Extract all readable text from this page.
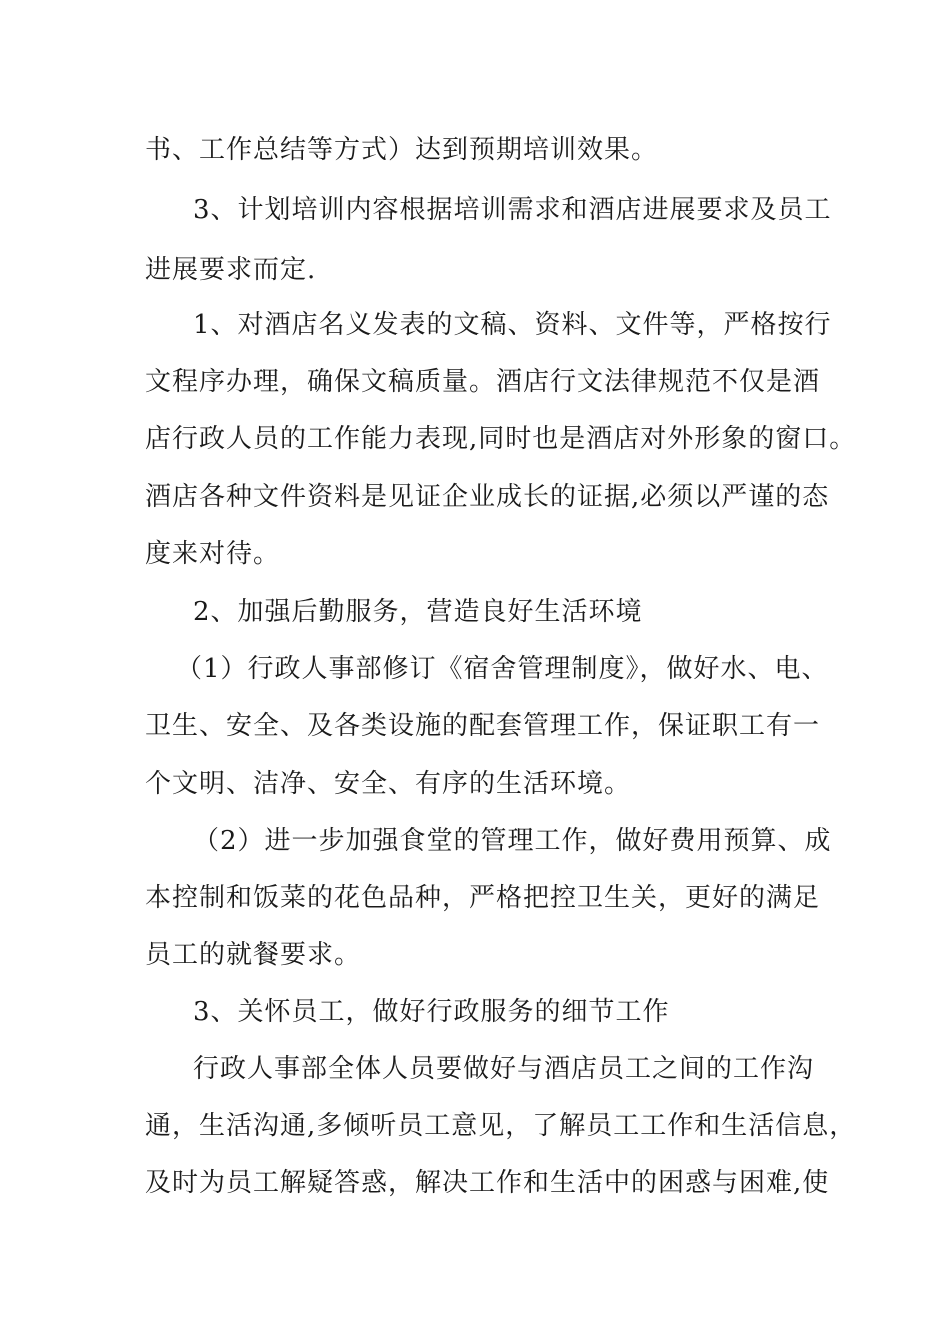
书、工作总结等方式）达到预期培训效果。
3、计划培训内容根据培训需求和酒店进展要求及员工
进展要求而定.
1、对酒店名义发表的文稿、资料、文件等，严格按行
文程序办理，确保文稿质量。酒店行文法律规范不仅是酒
店行政人员的工作能力表现,同时也是酒店对外形象的窗口。
酒店各种文件资料是见证企业成长的证据,必须以严谨的态
度来对待。
2、加强后勤服务，营造良好生活环境
（1）行政人事部修订《宿舍管理制度》，做好水、电、
卫生、安全、及各类设施的配套管理工作，保证职工有一
个文明、洁净、安全、有序的生活环境。
（2）进一步加强食堂的管理工作，做好费用预算、成
本控制和饭菜的花色品种，严格把控卫生关，更好的满足
员工的就餐要求。
3、关怀员工，做好行政服务的细节工作
行政人事部全体人员要做好与酒店员工之间的工作沟
通，生活沟通,多倾听员工意见，了解员工工作和生活信息，
及时为员工解疑答惑，解决工作和生活中的困惑与困难,使
